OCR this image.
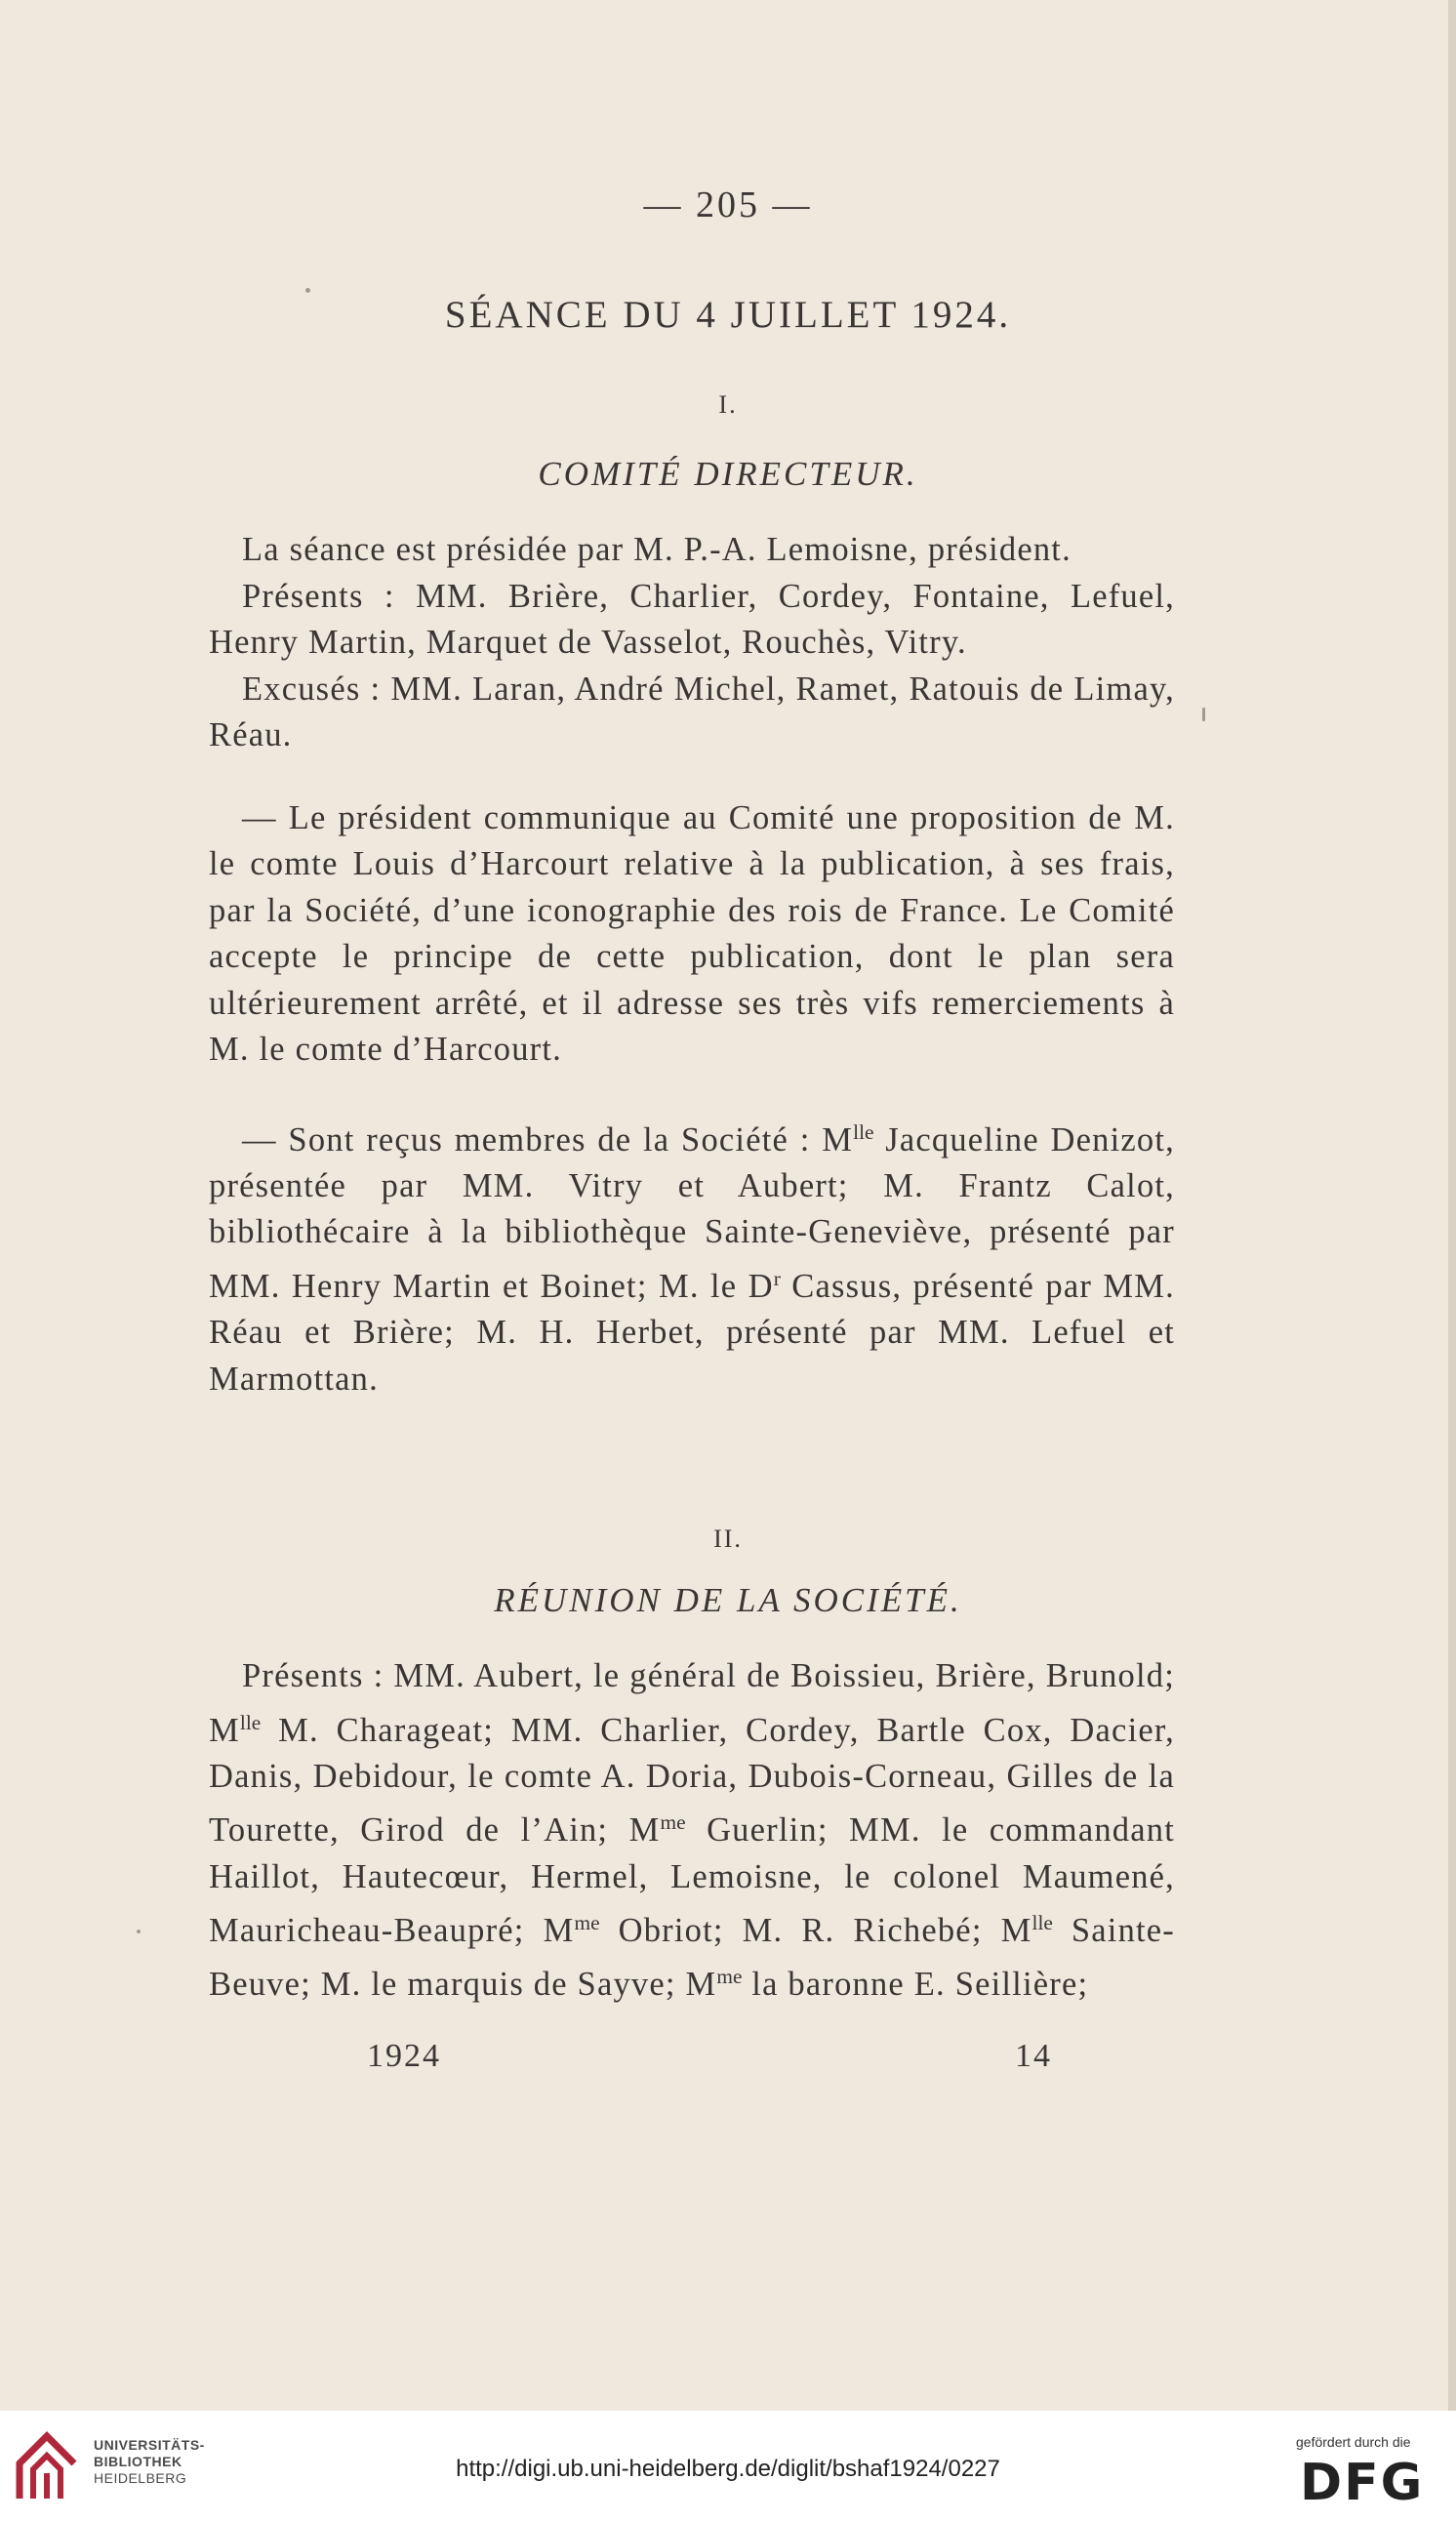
— 205 —
SÉANCE DU 4 JUILLET 1924.
I.
COMITÉ DIRECTEUR.

La séance est présidée par M. P.-A. Lemoisne, président.

Présents : MM. Brière, Charlier, Cordey, Fontaine, Lefuel, Henry Martin, Marquet de Vasselot, Rouchès, Vitry.

Excusés : MM. Laran, André Michel, Ramet, Ratouis de Limay, Réau.

— Le président communique au Comité une proposition de M. le comte Louis d’Harcourt relative à la publication, à ses frais, par la Société, d’une iconographie des rois de France. Le Comité accepte le principe de cette publication, dont le plan sera ultérieurement arrêté, et il adresse ses très vifs remerciements à M. le comte d’Harcourt.

— Sont reçus membres de la Société : $M^{lle}$ Jacqueline Denizot, présentée par MM. Vitry et Aubert; M. Frantz Calot, bibliothécaire à la bibliothèque Sainte-Geneviève, présenté par MM. Henry Martin et Boinet; M. le $D^r$ Cassus, présenté par MM. Réau et Brière; M. H. Herbet, présenté par MM. Lefuel et Marmottan.

II.
RÉUNION DE LA SOCIÉTÉ.

Présents : MM. Aubert, le général de Boissieu, Brière, Brunold; $M^{lle}$ M. Charageat; MM. Charlier, Cordey, Bartle Cox, Dacier, Danis, Debidour, le comte A. Doria, Dubois-Corneau, Gilles de la Tourette, Girod de l’Ain; $M^{me}$ Guerlin; MM. le commandant Haillot, Hautecœur, Hermel, Lemoisne, le colonel Maumené, Mauricheau-Beaupré; $M^{me}$ Obriot; M. R. Richebé; $M^{lle}$ Sainte-Beuve; M. le marquis de Sayve; $M^{me}$ la baronne E. Seillière;

1924	14
UNIVERSITÄTS-
BIBLIOTHEK
HEIDELBERG	http://digi.ub.uni-heidelberg.de/diglit/bshaf1924/0227
gefördert durch die
DFG
